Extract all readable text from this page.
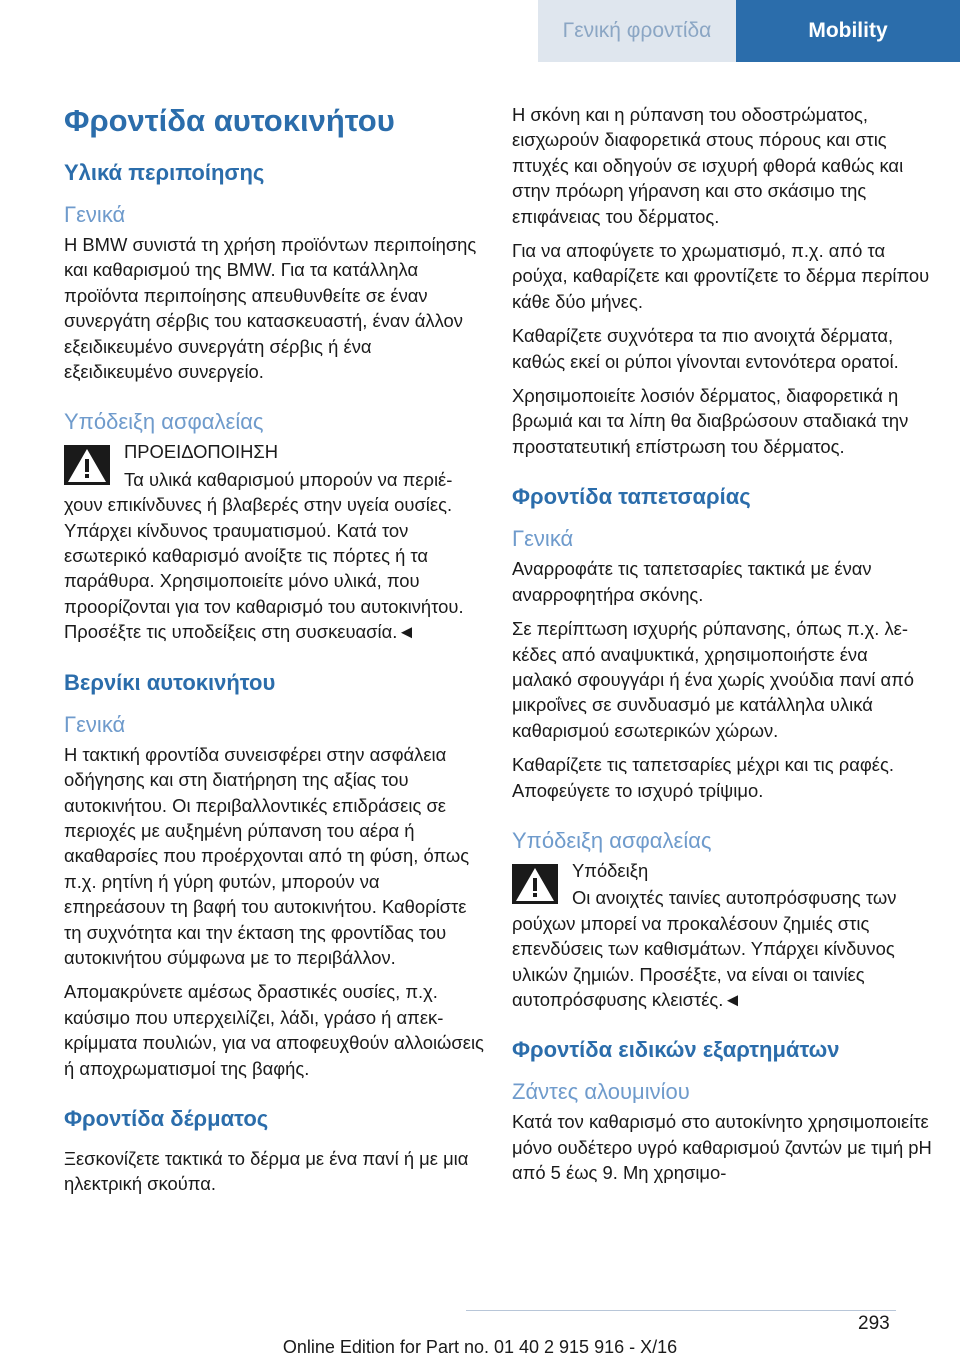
Γενική φροντίδα	Mobility
Φροντίδα αυτοκινήτου
Υλικά περιποίησης
Γενικά

Η BMW συνιστά τη χρήση προϊόντων περιποίησης και καθαρισμού της BMW. Για τα κατάλληλα προϊόντα περιποίησης απευθυνθείτε σε έναν συνεργάτη σέρβις του κατασκευαστή, έναν άλλον εξειδικευμένο συνεργάτη σέρβις ή ένα εξειδικευμένο συνεργείο.

Υπόδειξη ασφαλείας
ΠΡΟΕΙΔΟΠΟΙΗΣΗ

Τα υλικά καθαρισμού μπορούν να περιέχουν επικίνδυνες ή βλαβερές στην υγεία ουσίες. Υπάρχει κίνδυνος τραυματισμού. Κατά τον εσωτερικό καθαρισμό ανοίξτε τις πόρτες ή τα παράθυρα. Χρησιμοποιείτε μόνο υλικά, που προορίζονται για τον καθαρισμό του αυτοκινήτου. Προσέξτε τις υποδείξεις στη συσκευασία.◄

Βερνίκι αυτοκινήτου
Γενικά

Η τακτική φροντίδα συνεισφέρει στην ασφάλεια οδήγησης και στη διατήρηση της αξίας του αυτοκινήτου. Οι περιβαλλοντικές επιδράσεις σε περιοχές με αυξημένη ρύπανση του αέρα ή ακαθαρσίες που προέρχονται από τη φύση, όπως π.χ. ρητίνη ή γύρη φυτών, μπορούν να επηρεάσουν τη βαφή του αυτοκινήτου. Καθορίστε τη συχνότητα και την έκταση της φροντίδας του αυτοκινήτου σύμφωνα με το περιβάλλον.

Απομακρύνετε αμέσως δραστικές ουσίες, π.χ. καύσιμο που υπερχειλίζει, λάδι, γράσο ή απεκκρίμματα πουλιών, για να αποφευχθούν αλλοιώσεις ή αποχρωματισμοί της βαφής.

Φροντίδα δέρματος

Ξεσκονίζετε τακτικά το δέρμα με ένα πανί ή με μια ηλεκτρική σκούπα.

Η σκόνη και η ρύπανση του οδοστρώματος, εισχωρούν διαφορετικά στους πόρους και στις πτυχές και οδηγούν σε ισχυρή φθορά καθώς και στην πρόωρη γήρανση και στο σκάσιμο της επιφάνειας του δέρματος.

Για να αποφύγετε το χρωματισμό, π.χ. από τα ρούχα, καθαρίζετε και φροντίζετε το δέρμα περίπου κάθε δύο μήνες.

Καθαρίζετε συχνότερα τα πιο ανοιχτά δέρματα, καθώς εκεί οι ρύποι γίνονται εντονότερα ορατοί.

Χρησιμοποιείτε λοσιόν δέρματος, διαφορετικά η βρωμιά και τα λίπη θα διαβρώσουν σταδιακά την προστατευτική επίστρωση του δέρματος.

Φροντίδα ταπετσαρίας
Γενικά

Αναρροφάτε τις ταπετσαρίες τακτικά με έναν αναρροφητήρα σκόνης.

Σε περίπτωση ισχυρής ρύπανσης, όπως π.χ. λεκέδες από αναψυκτικά, χρησιμοποιήστε ένα μαλακό σφουγγάρι ή ένα χωρίς χνούδια πανί από μικροΐνες σε συνδυασμό με κατάλληλα υλικά καθαρισμού εσωτερικών χώρων.

Καθαρίζετε τις ταπετσαρίες μέχρι και τις ραφές. Αποφεύγετε το ισχυρό τρίψιμο.

Υπόδειξη ασφαλείας
Υπόδειξη

Οι ανοιχτές ταινίες αυτοπρόσφυσης των ρούχων μπορεί να προκαλέσουν ζημιές στις επενδύσεις των καθισμάτων. Υπάρχει κίνδυνος υλικών ζημιών. Προσέξτε, να είναι οι ταινίες αυτοπρόσφυσης κλειστές.◄

Φροντίδα ειδικών εξαρτημάτων
Ζάντες αλουμινίου

Κατά τον καθαρισμό στο αυτοκίνητο χρησιμοποιείτε μόνο ουδέτερο υγρό καθαρισμού ζαντών με τιμή pH από 5 έως 9. Μη χρησιμο-

293
Online Edition for Part no. 01 40 2 915 916 - X/16
